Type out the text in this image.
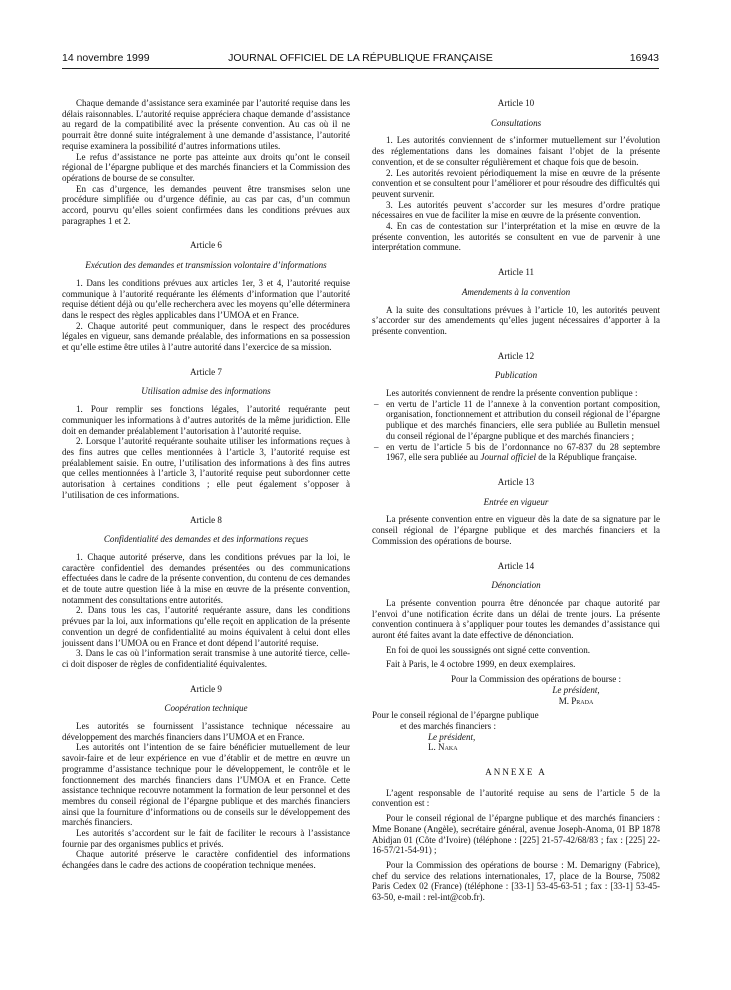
14 novembre 1999	JOURNAL OFFICIEL DE LA RÉPUBLIQUE FRANÇAISE	16943

Chaque demande d’assistance sera examinée par l’autorité requise dans les délais raisonnables. L’autorité requise appréciera chaque demande d’assistance au regard de la compatibilité avec la présente convention. Au cas où il ne pourrait être donné suite intégralement à une demande d’assistance, l’autorité requise examinera la possibilité d’autres informations utiles.

Le refus d’assistance ne porte pas atteinte aux droits qu’ont le conseil régional de l’épargne publique et des marchés financiers et la Commission des opérations de bourse de se consulter.

En cas d’urgence, les demandes peuvent être transmises selon une procédure simplifiée ou d’urgence définie, au cas par cas, d’un commun accord, pourvu qu’elles soient confirmées dans les conditions prévues aux paragraphes 1 et 2.

Article 6

Exécution des demandes et transmission volontaire d’informations

1. Dans les conditions prévues aux articles 1er, 3 et 4, l’autorité requise communique à l’autorité requérante les éléments d’information que l’autorité requise détient déjà ou qu’elle recherchera avec les moyens qu’elle déterminera dans le respect des règles applicables dans l’UMOA et en France.

2. Chaque autorité peut communiquer, dans le respect des procédures légales en vigueur, sans demande préalable, des informations en sa possession et qu’elle estime être utiles à l’autre autorité dans l’exercice de sa mission.

Article 7

Utilisation admise des informations

1. Pour remplir ses fonctions légales, l’autorité requérante peut communiquer les informations à d’autres autorités de la même juridiction. Elle doit en demander préalablement l’autorisation à l’autorité requise.

2. Lorsque l’autorité requérante souhaite utiliser les informations reçues à des fins autres que celles mentionnées à l’article 3, l’autorité requise est préalablement saisie. En outre, l’utilisation des informations à des fins autres que celles mentionnées à l’article 3, l’autorité requise peut subordonner cette autorisation à certaines conditions ; elle peut également s’opposer à l’utilisation de ces informations.

Article 8

Confidentialité des demandes et des informations reçues

1. Chaque autorité préserve, dans les conditions prévues par la loi, le caractère confidentiel des demandes présentées ou des communications effectuées dans le cadre de la présente convention, du contenu de ces demandes et de toute autre question liée à la mise en œuvre de la présente convention, notamment des consultations entre autorités.

2. Dans tous les cas, l’autorité requérante assure, dans les conditions prévues par la loi, aux informations qu’elle reçoit en application de la présente convention un degré de confidentialité au moins équivalent à celui dont elles jouissent dans l’UMOA ou en France et dont dépend l’autorité requise.

3. Dans le cas où l’information serait transmise à une autorité tierce, celle-ci doit disposer de règles de confidentialité équivalentes.

Article 9

Coopération technique

Les autorités se fournissent l’assistance technique nécessaire au développement des marchés financiers dans l’UMOA et en France.

Les autorités ont l’intention de se faire bénéficier mutuellement de leur savoir-faire et de leur expérience en vue d’établir et de mettre en œuvre un programme d’assistance technique pour le développement, le contrôle et le fonctionnement des marchés financiers dans l’UMOA et en France. Cette assistance technique recouvre notamment la formation de leur personnel et des membres du conseil régional de l’épargne publique et des marchés financiers ainsi que la fourniture d’informations ou de conseils sur le développement des marchés financiers.

Les autorités s’accordent sur le fait de faciliter le recours à l’assistance fournie par des organismes publics et privés.

Chaque autorité préserve le caractère confidentiel des informations échangées dans le cadre des actions de coopération technique menées.

Article 10

Consultations

1. Les autorités conviennent de s’informer mutuellement sur l’évolution des réglementations dans les domaines faisant l’objet de la présente convention, et de se consulter régulièrement et chaque fois que de besoin.

2. Les autorités revoient périodiquement la mise en œuvre de la présente convention et se consultent pour l’améliorer et pour résoudre des difficultés qui peuvent survenir.

3. Les autorités peuvent s’accorder sur les mesures d’ordre pratique nécessaires en vue de faciliter la mise en œuvre de la présente convention.

4. En cas de contestation sur l’interprétation et la mise en œuvre de la présente convention, les autorités se consultent en vue de parvenir à une interprétation commune.

Article 11

Amendements à la convention

A la suite des consultations prévues à l’article 10, les autorités peuvent s’accorder sur des amendements qu’elles jugent nécessaires d’apporter à la présente convention.

Article 12

Publication

Les autorités conviennent de rendre la présente convention publique :

– en vertu de l’article 11 de l’annexe à la convention portant composition, organisation, fonctionnement et attribution du conseil régional de l’épargne publique et des marchés financiers, elle sera publiée au Bulletin mensuel du conseil régional de l’épargne publique et des marchés financiers ;
– en vertu de l’article 5 bis de l’ordonnance no 67-837 du 28 septembre 1967, elle sera publiée au Journal officiel de la République française.

Article 13

Entrée en vigueur

La présente convention entre en vigueur dès la date de sa signature par le conseil régional de l’épargne publique et des marchés financiers et la Commission des opérations de bourse.

Article 14

Dénonciation

La présente convention pourra être dénoncée par chaque autorité par l’envoi d’une notification écrite dans un délai de trente jours. La présente convention continuera à s’appliquer pour toutes les demandes d’assistance qui auront été faites avant la date effective de dénonciation.

En foi de quoi les soussignés ont signé cette convention.

Fait à Paris, le 4 octobre 1999, en deux exemplaires.

Pour la Commission des opérations de bourse :

Le président,

M. Prada

Pour le conseil régional de l’épargne publique

et des marchés financiers :

Le président,

L. Naka

ANNEXE A

L’agent responsable de l’autorité requise au sens de l’article 5 de la convention est :

Pour le conseil régional de l’épargne publique et des marchés financiers : Mme Bonane (Angèle), secrétaire général, avenue Joseph-Anoma, 01 BP 1878 Abidjan 01 (Côte d’Ivoire) (téléphone : [225] 21-57-42/68/83 ; fax : [225] 22-16-57/21-54-91) ;

Pour la Commission des opérations de bourse : M. Demarigny (Fabrice), chef du service des relations internationales, 17, place de la Bourse, 75082 Paris Cedex 02 (France) (téléphone : [33-1] 53-45-63-51 ; fax : [33-1] 53-45-63-50, e-mail : rel-int@cob.fr).
